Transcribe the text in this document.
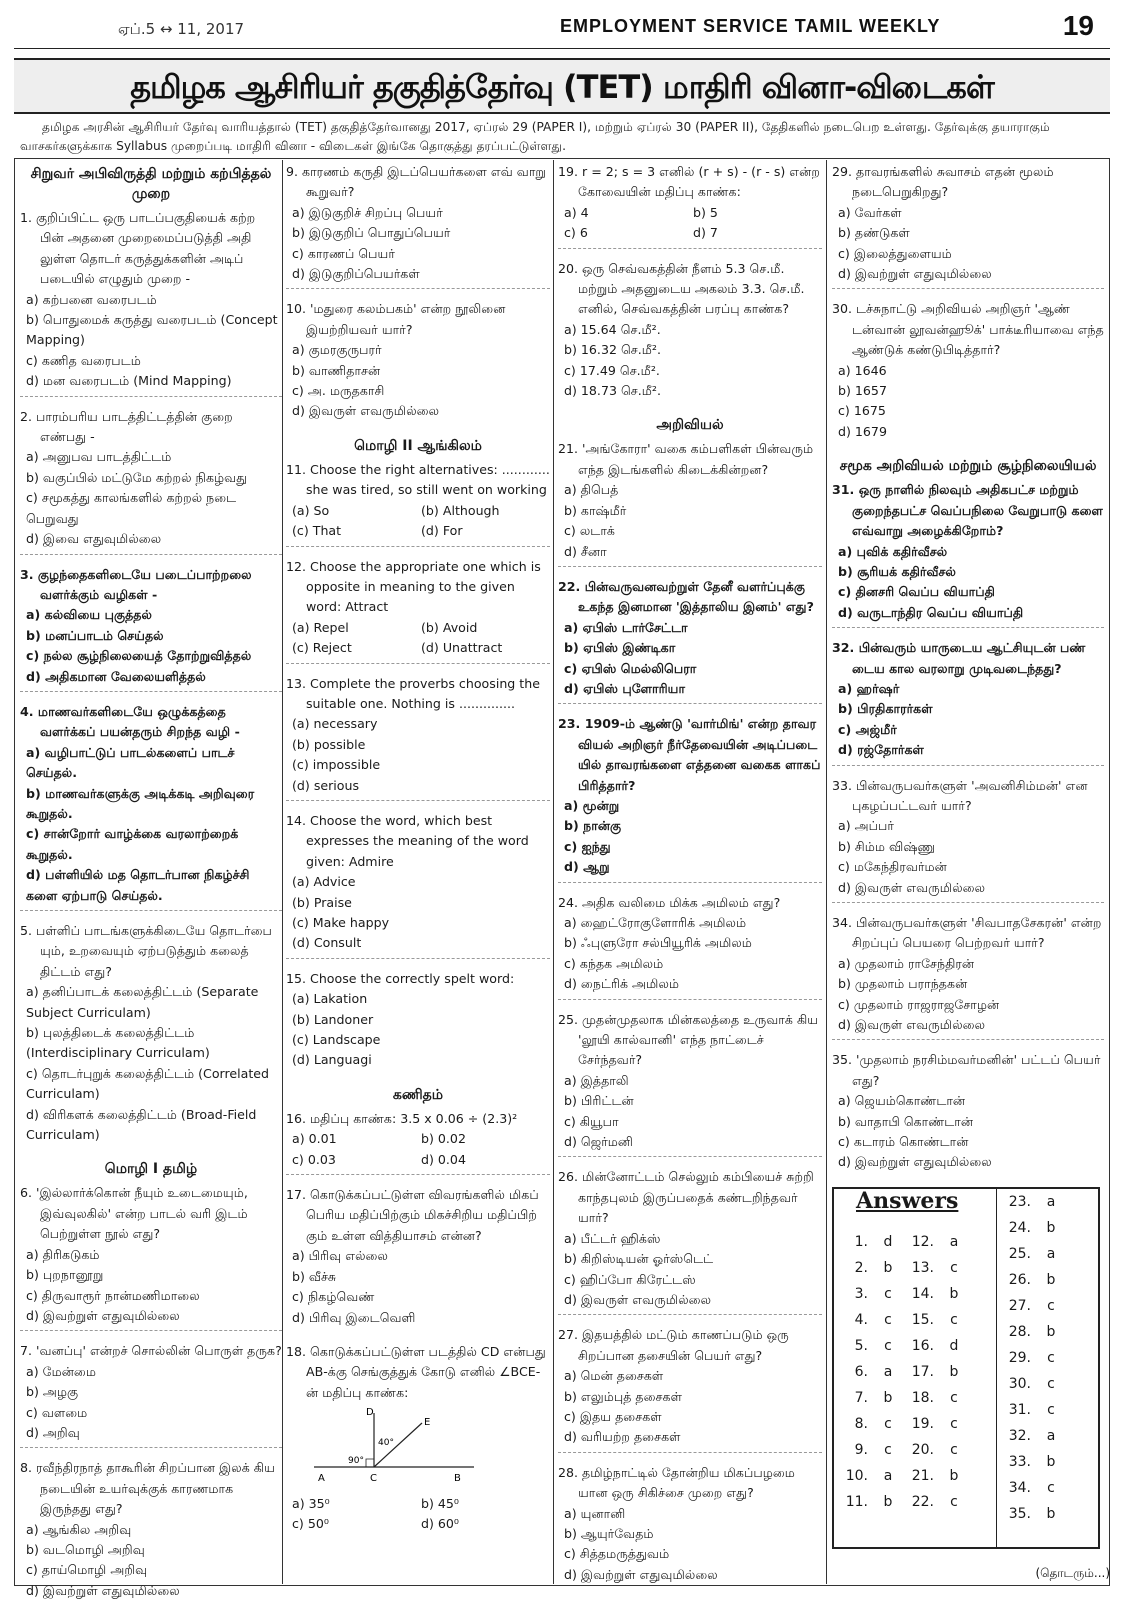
ஏப்.5 ↔ 11, 2017	EMPLOYMENT SERVICE TAMIL WEEKLY	19
தமிழக ஆசிரியர் தகுதித்தேர்வு (TET) மாதிரி வினா-விடைகள்
தமிழக அரசின் ஆசிரியர் தேர்வு வாரியத்தால் (TET) தகுதித்தேர்வானது 2017, ஏப்ரல் 29 (PAPER I), மற்றும் ஏப்ரல் 30 (PAPER II), தேதிகளில் நடைபெற உள்ளது. தேர்வுக்கு தயாராகும் வாசகர்களுக்காக Syllabus முறைப்படி மாதிரி வினா - விடைகள் இங்கே தொகுத்து தரப்பட்டுள்ளது.
சிறுவர் அபிவிருத்தி மற்றும் கற்பித்தல் முறை
1. குறிப்பிட்ட ஒரு பாடப்பகுதியைக் கற்ற பின் அதனை முறைமைப்படுத்தி அதி லுள்ள தொடர் கருத்துக்களின் அடிப் படையில் எழுதும் முறை -
a) கற்பனை வரைபடம்
b) பொதுமைக் கருத்து வரைபடம் (Concept Mapping)
c) கணித வரைபடம்
d) மன வரைபடம் (Mind Mapping)
2. பாரம்பரிய பாடத்திட்டத்தின் குறை எண்பது -
a) அனுபவ பாடத்திட்டம்
b) வகுப்பில் மட்டுமே கற்றல் நிகழ்வது
c) சமூகத்து காலங்களில் கற்றல் நடை பெறுவது
d) இவை எதுவுமில்லை
3. குழந்தைகளிடையே படைப்பாற்றலை வளர்க்கும் வழிகள் -
a) கல்வியை புகுத்தல்
b) மனப்பாடம் செய்தல்
c) நல்ல சூழ்நிலையைத் தோற்றுவித்தல்
d) அதிகமான வேலையளித்தல்
4. மாணவர்களிடையே ஒழுக்கத்தை வளர்க்கப் பயன்தரும் சிறந்த வழி -
a) வழிபாட்டுப் பாடல்களைப் பாடச் செய்தல்.
b) மாணவர்களுக்கு அடிக்கடி அறிவுரை கூறுதல்.
c) சான்றோர் வாழ்க்கை வரலாற்றைக் கூறுதல்.
d) பள்ளியில் மத தொடர்பான நிகழ்ச்சி களை ஏற்பாடு செய்தல்.
5. பள்ளிப் பாடங்களுக்கிடையே தொடர்பை யும், உறவையும் ஏற்படுத்தும் கலைத் திட்டம் எது?
a) தனிப்பாடக் கலைத்திட்டம் (Separate Subject Curriculam)
b) புலத்திடைக் கலைத்திட்டம் (Interdisciplinary Curriculam)
c) தொடர்புறுக் கலைத்திட்டம் (Correlated Curriculam)
d) விரிகளக் கலைத்திட்டம் (Broad-Field Curriculam)
மொழி I தமிழ்
6. 'இல்லார்க்கொன் நீயும் உடைமையும், இவ்வுலகில்' என்ற பாடல் வரி இடம் பெற்றுள்ள நூல் எது?
a) திரிகடுகம்
b) புறநானூறு
c) திருவாரூர் நான்மணிமாலை
d) இவற்றுள் எதுவுமில்லை
7. 'வனப்பு' என்றச் சொல்லின் பொருள் தருக?
a) மேன்மை
b) அழகு
c) வளமை
d) அறிவு
8. ரவீந்திரநாத் தாகூரின் சிறப்பான இலக் கிய நடையின் உயர்வுக்குக் காரணமாக இருந்தது எது?
a) ஆங்கில அறிவு
b) வடமொழி அறிவு
c) தாய்மொழி அறிவு
d) இவற்றுள் எதுவுமில்லை
9. காரணம் கருதி இடப்பெயர்களை எவ் வாறு கூறுவர்?
a) இடுகுறிச் சிறப்பு பெயர்
b) இடுகுறிப் பொதுப்பெயர்
c) காரணப் பெயர்
d) இடுகுறிப்பெயர்கள்
10. 'மதுரை கலம்பகம்' என்ற நூலினை இயற்றியவர் யார்?
a) குமரகுருபரர்
b) வாணிதாசன்
c) அ. மருதகாசி
d) இவருள் எவருமில்லை
மொழி II ஆங்கிலம்
11. Choose the right alternatives: ............ she was tired, so still went on working
(a) So	(b) Although
(c) That	(d) For
12. Choose the appropriate one which is opposite in meaning to the given word: Attract
(a) Repel	(b) Avoid
(c) Reject	(d) Unattract
13. Complete the proverbs choosing the suitable one. Nothing is ..............
(a) necessary
(b) possible
(c) impossible
(d) serious
14. Choose the word, which best expresses the meaning of the word given: Admire
(a) Advice
(b) Praise
(c) Make happy
(d) Consult
15. Choose the correctly spelt word:
(a) Lakation
(b) Landoner
(c) Landscape
(d) Languagi
கணிதம்
16. மதிப்பு காண்க: 3.5 x 0.06 ÷ (2.3)²
a) 0.01	b) 0.02
c) 0.03	d) 0.04
17. கொடுக்கப்பட்டுள்ள விவரங்களில் மிகப் பெரிய மதிப்பிற்கும் மிகச்சிறிய மதிப்பிற் கும் உள்ள வித்தியாசம் என்ன?
a) பிரிவு எல்லை
b) வீச்சு
c) நிகழ்வெண்
d) பிரிவு இடைவெளி
18. கொடுக்கப்பட்டுள்ள படத்தில் CD என்பது AB-க்கு செங்குத்துக் கோடு எனில் ∠BCE-ன் மதிப்பு காண்க:
D
E
A	C	B
40°
90°
a) 35⁰	b) 45⁰
c) 50⁰	d) 60⁰
19. r = 2; s = 3 எனில் (r + s) - (r - s) என்ற கோவையின் மதிப்பு காண்க:
a) 4	b) 5
c) 6	d) 7
20. ஒரு செவ்வகத்தின் நீளம் 5.3 செ.மீ. மற்றும் அதனுடைய அகலம் 3.3. செ.மீ. எனில், செவ்வகத்தின் பரப்பு காண்க?
a) 15.64 செ.மீ².
b) 16.32 செ.மீ².
c) 17.49 செ.மீ².
d) 18.73 செ.மீ².
அறிவியல்
21. 'அங்கோரா' வகை கம்பளிகள் பின்வரும் எந்த இடங்களில் கிடைக்கின்றன?
a) திபெத்
b) காஷ்மீர்
c) லடாக்
d) சீனா
22. பின்வருவனவற்றுள் தேனீ வளர்ப்புக்கு உகந்த இனமான 'இத்தாலிய இனம்' எது?
a) ஏபிஸ் டார்சேட்டா
b) ஏபிஸ் இண்டிகா
c) ஏபிஸ் மெல்லிபெரா
d) ஏபிஸ் புளோரியா
23. 1909-ம் ஆண்டு 'வார்மிங்' என்ற தாவர வியல் அறிஞர் நீர்தேவையின் அடிப்படை யில் தாவரங்களை எத்தனை வகைக ளாகப் பிரித்தார்?
a) மூன்று
b) நான்கு
c) ஐந்து
d) ஆறு
24. அதிக வலிமை மிக்க அமிலம் எது?
a) ஹைட்ரோகுளோரிக் அமிலம்
b) ஃபுளுரோ சல்பியூரிக் அமிலம்
c) கந்தக அமிலம்
d) நைட்ரிக் அமிலம்
25. முதன்முதலாக மின்கலத்தை உருவாக் கிய 'லூயி கால்வானி' எந்த நாட்டைச் சேர்ந்தவர்?
a) இத்தாலி
b) பிரிட்டன்
c) கியூபா
d) ஜெர்மனி
26. மின்னோட்டம் செல்லும் கம்பியைச் சுற்றி காந்தபுலம் இருப்பதைக் கண்டறிந்தவர் யார்?
a) பீட்டர் ஹிக்ஸ்
b) கிறிஸ்டியன் ஓர்ஸ்டெட்
c) ஹிப்போ கிரேட்டஸ்
d) இவருள் எவருமில்லை
27. இதயத்தில் மட்டும் காணப்படும் ஒரு சிறப்பான தசையின் பெயர் எது?
a) மென் தசைகள்
b) எலும்புத் தசைகள்
c) இதய தசைகள்
d) வரியற்ற தசைகள்
28. தமிழ்நாட்டில் தோன்றிய மிகப்பழமை யான ஒரு சிகிச்சை முறை எது?
a) யுனானி
b) ஆயுர்வேதம்
c) சித்தமருத்துவம்
d) இவற்றுள் எதுவுமில்லை
29. தாவரங்களில் சுவாசம் எதன் மூலம் நடைபெறுகிறது?
a) வேர்கள்
b) தண்டுகள்
c) இலைத்துளையம்
d) இவற்றுள் எதுவுமில்லை
30. டச்சுநாட்டு அறிவியல் அறிஞர் 'ஆண் டன்வான் லூவன்ஹூக்' பாக்டீரியாவை எந்த ஆண்டுக் கண்டுபிடித்தார்?
a) 1646
b) 1657
c) 1675
d) 1679
சமூக அறிவியல் மற்றும் சூழ்நிலையியல்
31. ஒரு நாளில் நிலவும் அதிகபட்ச மற்றும் குறைந்தபட்ச வெப்பநிலை வேறுபாடு களை எவ்வாறு அழைக்கிறோம்?
a) புவிக் கதிர்வீசல்
b) சூரியக் கதிர்வீசல்
c) தினசரி வெப்ப வியாப்தி
d) வருடாந்திர வெப்ப வியாப்தி
32. பின்வரும் யாருடைய ஆட்சியுடன் பண் டைய கால வரலாறு முடிவடைந்தது?
a) ஹர்ஷர்
b) பிரதிகாரர்கள்
c) அஜ்மீர்
d) ரஜ்தோர்கள்
33. பின்வருபவர்களுள் 'அவனிசிம்மன்' என புகழப்பட்டவர் யார்?
a) அப்பர்
b) சிம்ம விஷ்ணு
c) மகேந்திரவர்மன்
d) இவருள் எவருமில்லை
34. பின்வருபவர்களுள் 'சிவபாதசேகரன்' என்ற சிறப்புப் பெயரை பெற்றவர் யார்?
a) முதலாம் ராசேந்திரன்
b) முதலாம் பராந்தகன்
c) முதலாம் ராஜராஜசோழன்
d) இவருள் எவருமில்லை
35. 'முதலாம் நரசிம்மவர்மனின்' பட்டப் பெயர் எது?
a) ஜெயம்கொண்டான்
b) வாதாபி கொண்டான்
c) கடாரம் கொண்டான்
d) இவற்றுள் எதுவுமில்லை
Answers
1.	d	12.	a
2.	b	13.	c
3.	c	14.	b
4.	c	15.	c
5.	c	16.	d
6.	a	17.	b
7.	b	18.	c
8.	c	19.	c
9.	c	20.	c
10.	a	21.	b
11.	b	22.	c
23.	a
24.	b
25.	a
26.	b
27.	c
28.	b
29.	c
30.	c
31.	c
32.	a
33.	b
34.	c
35.	b
(தொடரும்...)
